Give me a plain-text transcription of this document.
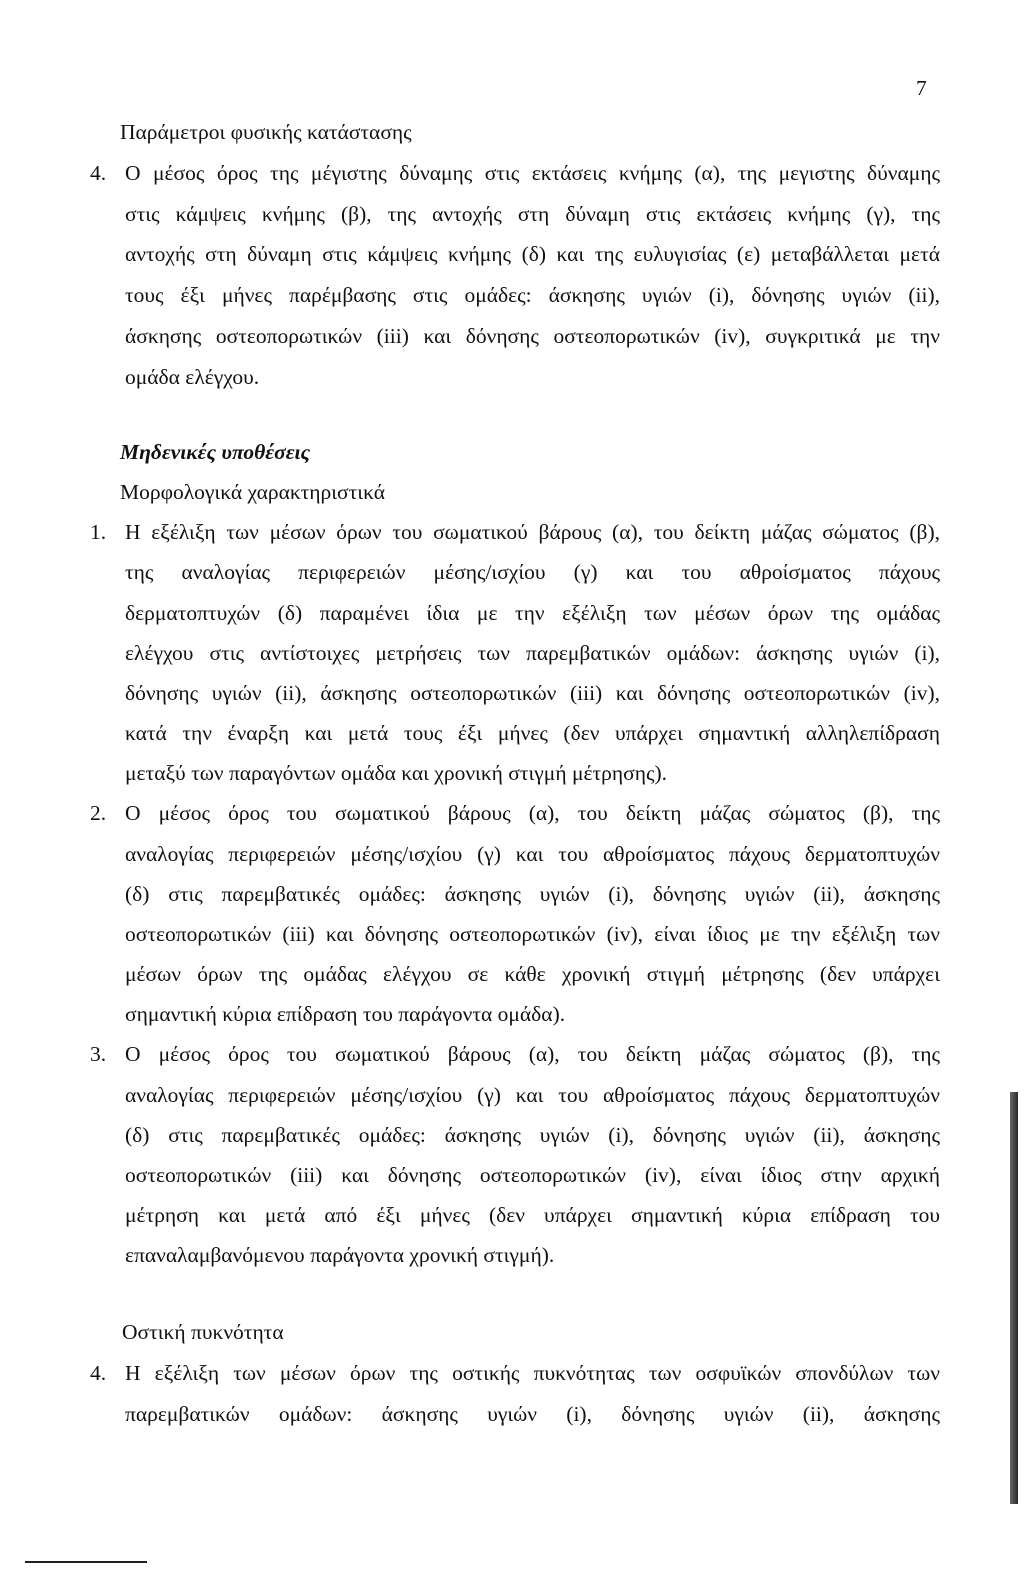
7
Παράμετροι φυσικής κατάστασης
4. Ο μέσος όρος της μέγιστης δύναμης στις εκτάσεις κνήμης (α), της μεγιστης δύναμης
στις κάμψεις κνήμης (β), της αντοχής στη δύναμη στις εκτάσεις κνήμης (γ), της
αντοχής στη δύναμη στις κάμψεις κνήμης (δ) και της ευλυγισίας (ε) μεταβάλλεται μετά
τους έξι μήνες παρέμβασης στις ομάδες: άσκησης υγιών (i), δόνησης υγιών (ii),
άσκησης οστεοπορωτικών (iii) και δόνησης οστεοπορωτικών (iv), συγκριτικά με την
ομάδα ελέγχου.
Μηδενικές υποθέσεις
Μορφολογικά χαρακτηριστικά
1. Η εξέλιξη των μέσων όρων του σωματικού βάρους (α), του δείκτη μάζας σώματος (β),
της αναλογίας περιφερειών μέσης/ισχίου (γ) και του αθροίσματος πάχους
δερματοπτυχών (δ) παραμένει ίδια με την εξέλιξη των μέσων όρων της ομάδας
ελέγχου στις αντίστοιχες μετρήσεις των παρεμβατικών ομάδων: άσκησης υγιών (i),
δόνησης υγιών (ii), άσκησης οστεοπορωτικών (iii) και δόνησης οστεοπορωτικών (iv),
κατά την έναρξη και μετά τους έξι μήνες (δεν υπάρχει σημαντική αλληλεπίδραση
μεταξύ των παραγόντων ομάδα και χρονική στιγμή μέτρησης).
2. Ο μέσος όρος του σωματικού βάρους (α), του δείκτη μάζας σώματος (β), της
αναλογίας περιφερειών μέσης/ισχίου (γ) και του αθροίσματος πάχους δερματοπτυχών
(δ) στις παρεμβατικές ομάδες: άσκησης υγιών (i), δόνησης υγιών (ii), άσκησης
οστεοπορωτικών (iii) και δόνησης οστεοπορωτικών (iv), είναι ίδιος με την εξέλιξη των
μέσων όρων της ομάδας ελέγχου σε κάθε χρονική στιγμή μέτρησης (δεν υπάρχει
σημαντική κύρια επίδραση του παράγοντα ομάδα).
3. Ο μέσος όρος του σωματικού βάρους (α), του δείκτη μάζας σώματος (β), της
αναλογίας περιφερειών μέσης/ισχίου (γ) και του αθροίσματος πάχους δερματοπτυχών
(δ) στις παρεμβατικές ομάδες: άσκησης υγιών (i), δόνησης υγιών (ii), άσκησης
οστεοπορωτικών (iii) και δόνησης οστεοπορωτικών (iv), είναι ίδιος στην αρχική
μέτρηση και μετά από έξι μήνες (δεν υπάρχει σημαντική κύρια επίδραση του
επαναλαμβανόμενου παράγοντα χρονική στιγμή).
Οστική πυκνότητα
4. Η εξέλιξη των μέσων όρων της οστικής πυκνότητας των οσφυϊκών σπονδύλων των
παρεμβατικών ομάδων: άσκησης υγιών (i), δόνησης υγιών (ii), άσκησης
